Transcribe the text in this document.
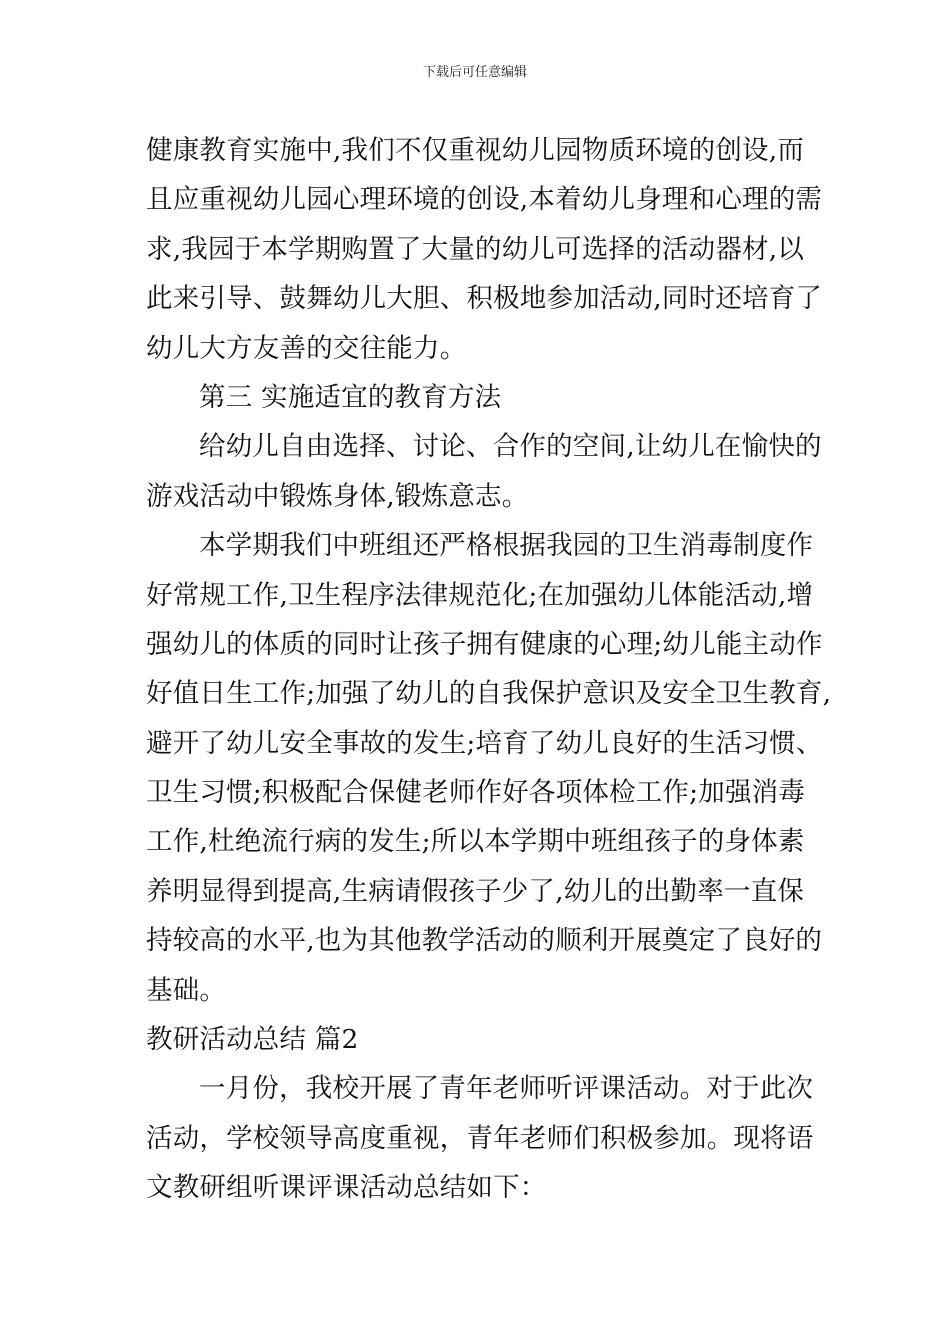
下载后可任意编辑
健康教育实施中,我们不仅重视幼儿园物质环境的创设,而
且应重视幼儿园心理环境的创设,本着幼儿身理和心理的需
求,我园于本学期购置了大量的幼儿可选择的活动器材,以
此来引导、鼓舞幼儿大胆、积极地参加活动,同时还培育了
幼儿大方友善的交往能力。
第三 实施适宜的教育方法
给幼儿自由选择、讨论、合作的空间,让幼儿在愉快的
游戏活动中锻炼身体,锻炼意志。
本学期我们中班组还严格根据我园的卫生消毒制度作
好常规工作,卫生程序法律规范化;在加强幼儿体能活动,增
强幼儿的体质的同时让孩子拥有健康的心理;幼儿能主动作
好值日生工作;加强了幼儿的自我保护意识及安全卫生教育,
避开了幼儿安全事故的发生;培育了幼儿良好的生活习惯、
卫生习惯;积极配合保健老师作好各项体检工作;加强消毒
工作,杜绝流行病的发生;所以本学期中班组孩子的身体素
养明显得到提高,生病请假孩子少了,幼儿的出勤率一直保
持较高的水平,也为其他教学活动的顺利开展奠定了良好的
基础。
教研活动总结 篇2
一月份，我校开展了青年老师听评课活动。对于此次
活动，学校领导高度重视，青年老师们积极参加。现将语
文教研组听课评课活动总结如下：
